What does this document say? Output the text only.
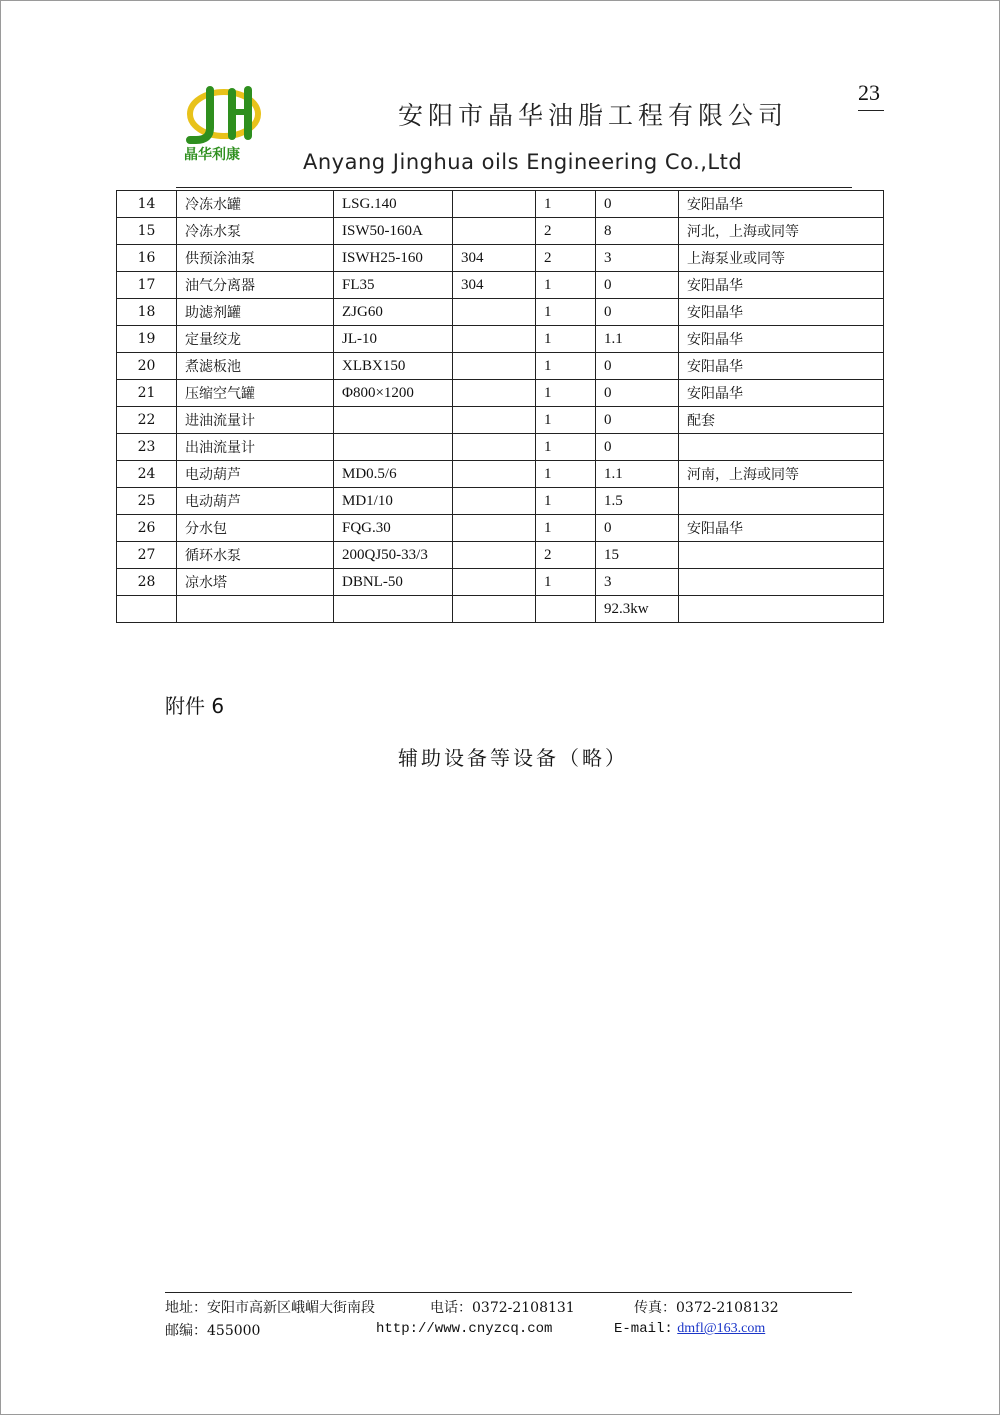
23
晶华利康
安阳市晶华油脂工程有限公司
Anyang Jinghua oils Engineering Co.,Ltd
14	冷冻水罐	LSG.140		1	0	安阳晶华
15	冷冻水泵	ISW50-160A		2	8	河北，上海或同等
16	供预涂油泵	ISWH25-160	304	2	3	上海泵业或同等
17	油气分离器	FL35	304	1	0	安阳晶华
18	助滤剂罐	ZJG60		1	0	安阳晶华
19	定量绞龙	JL-10		1	1.1	安阳晶华
20	煮滤板池	XLBX150		1	0	安阳晶华
21	压缩空气罐	Φ800×1200		1	0	安阳晶华
22	进油流量计			1	0	配套
23	出油流量计			1	0	
24	电动葫芦	MD0.5/6		1	1.1	河南，上海或同等
25	电动葫芦	MD1/10		1	1.5	
26	分水包	FQG.30		1	0	安阳晶华
27	循环水泵	200QJ50-33/3		2	15	
28	凉水塔	DBNL-50		1	3	
					92.3kw	
附件 6
辅助设备等设备（略）
地址：安阳市高新区峨嵋大街南段	电话：0372-2108131	传真：0372-2108132
邮编：455000	http://www.cnyzcq.com	E-mail: dmfl@163.com
